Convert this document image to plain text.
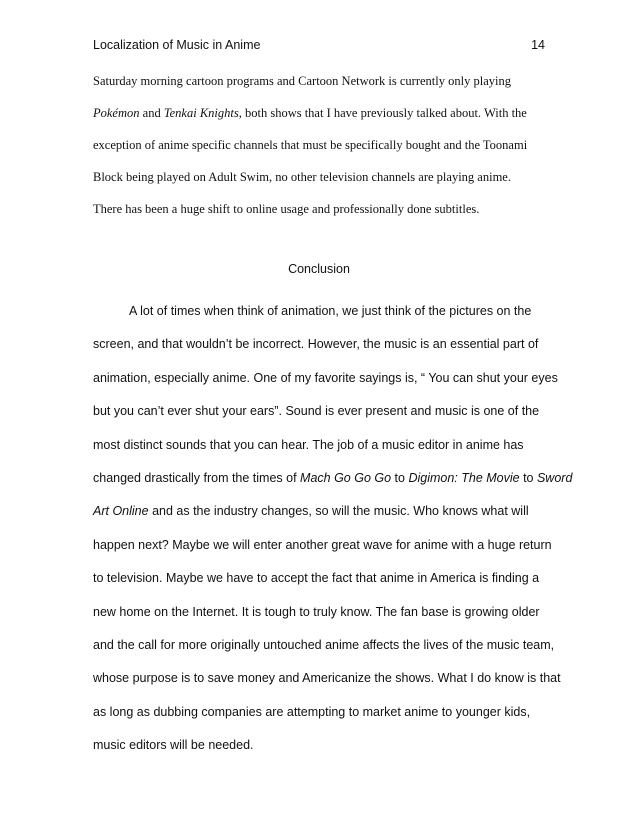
Localization of Music in Anime	14
Saturday morning cartoon programs and Cartoon Network is currently only playing
Pokémon and Tenkai Knights, both shows that I have previously talked about. With the
exception of anime specific channels that must be specifically bought and the Toonami
Block being played on Adult Swim, no other television channels are playing anime.
There has been a huge shift to online usage and professionally done subtitles.
Conclusion
A lot of times when think of animation, we just think of the pictures on the
screen, and that wouldn’t be incorrect. However, the music is an essential part of
animation, especially anime. One of my favorite sayings is, “ You can shut your eyes
but you can’t ever shut your ears”. Sound is ever present and music is one of the
most distinct sounds that you can hear. The job of a music editor in anime has
changed drastically from the times of Mach Go Go Go to Digimon: The Movie to Sword
Art Online and as the industry changes, so will the music. Who knows what will
happen next? Maybe we will enter another great wave for anime with a huge return
to television. Maybe we have to accept the fact that anime in America is finding a
new home on the Internet. It is tough to truly know. The fan base is growing older
and the call for more originally untouched anime affects the lives of the music team,
whose purpose is to save money and Americanize the shows. What I do know is that
as long as dubbing companies are attempting to market anime to younger kids,
music editors will be needed.
